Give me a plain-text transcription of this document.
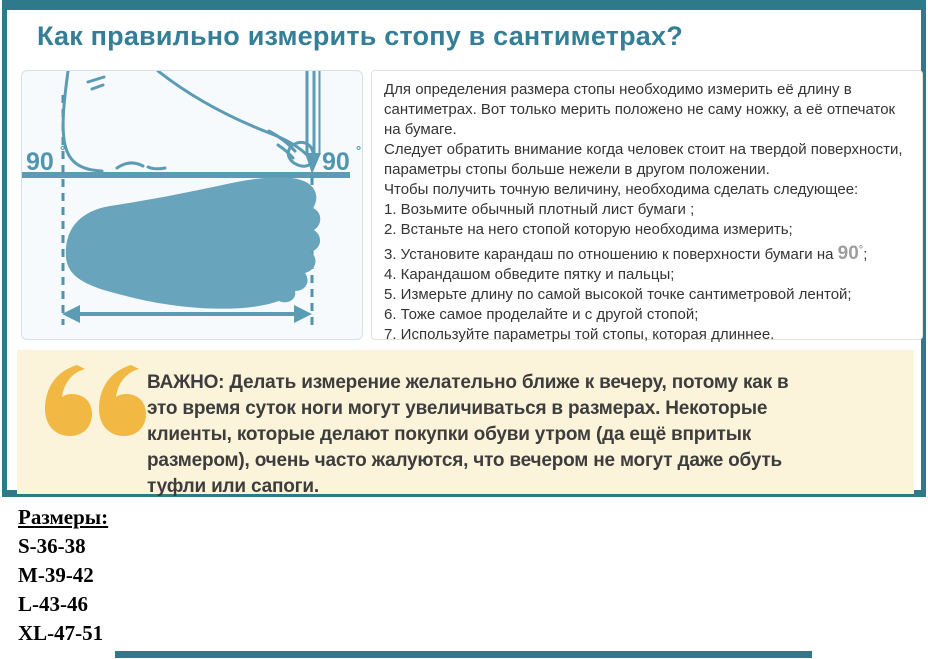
Как правильно измерить стопу в сантиметрах?
90 °	90 °
Для определения размера стопы необходимо измерить её длину в сантиметрах. Вот только мерить положено не саму ножку, а её отпечаток на бумаге.
Следует обратить внимание когда человек стоит на твердой поверхности, параметры стопы больше нежели в другом положении.
Чтобы получить точную величину, необходима сделать следующее:
1. Возьмите обычный плотный лист бумаги ;
2. Встаньте на него стопой которую необходима измерить;
3. Установите карандаш по отношению к поверхности бумаги на 90°;
4. Карандашом обведите пятку и пальцы;
5. Измерьте длину по самой высокой точке сантиметровой лентой;
6. Тоже самое проделайте и с другой стопой;
7. Используйте параметры той стопы, которая длиннее.
ВАЖНО: Делать измерение желательно ближе к вечеру, потому как в это время суток ноги могут увеличиваться в размерах. Некоторые клиенты, которые делают покупки обуви утром (да ещё впритык размером), очень часто жалуются, что вечером не могут даже обуть туфли или сапоги.
Размеры:
S-36-38
M-39-42
L-43-46
XL-47-51
